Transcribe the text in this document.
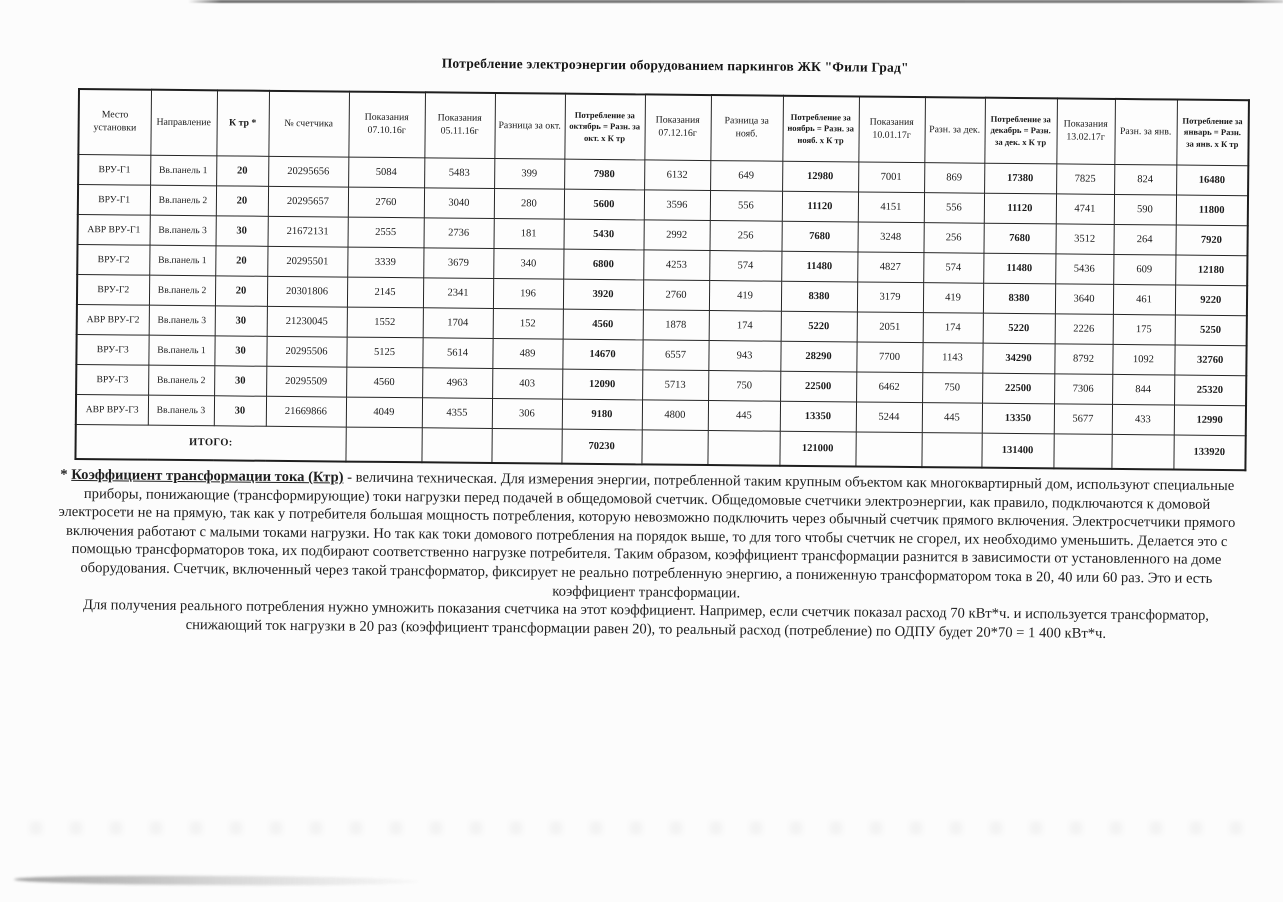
Потребление электроэнергии оборудованием паркингов ЖК "Фили Град"
Место установки	Направление	К тр *	№ счетчика	Показания 07.10.16г	Показания 05.11.16г	Разница за окт.	Потребление за октябрь = Разн. за окт. х К тр	Показания 07.12.16г	Разница за нояб.	Потребление за ноябрь = Разн. за нояб. х К тр	Показания 10.01.17г	Разн. за дек.	Потребление за декабрь = Разн. за дек. х К тр	Показания 13.02.17г	Разн. за янв.	Потребление за январь = Разн. за янв. х К тр
ВРУ-Г1	Вв.панель 1	20	20295656	5084	5483	399	7980	6132	649	12980	7001	869	17380	7825	824	16480
ВРУ-Г1	Вв.панель 2	20	20295657	2760	3040	280	5600	3596	556	11120	4151	556	11120	4741	590	11800
АВР ВРУ-Г1	Вв.панель 3	30	21672131	2555	2736	181	5430	2992	256	7680	3248	256	7680	3512	264	7920
ВРУ-Г2	Вв.панель 1	20	20295501	3339	3679	340	6800	4253	574	11480	4827	574	11480	5436	609	12180
ВРУ-Г2	Вв.панель 2	20	20301806	2145	2341	196	3920	2760	419	8380	3179	419	8380	3640	461	9220
АВР ВРУ-Г2	Вв.панель 3	30	21230045	1552	1704	152	4560	1878	174	5220	2051	174	5220	2226	175	5250
ВРУ-Г3	Вв.панель 1	30	20295506	5125	5614	489	14670	6557	943	28290	7700	1143	34290	8792	1092	32760
ВРУ-Г3	Вв.панель 2	30	20295509	4560	4963	403	12090	5713	750	22500	6462	750	22500	7306	844	25320
АВР ВРУ-Г3	Вв.панель 3	30	21669866	4049	4355	306	9180	4800	445	13350	5244	445	13350	5677	433	12990
ИТОГО:							70230			121000			131400			133920

* Коэффициент трансформации тока (Ктр) - величина техническая. Для измерения энергии, потребленной таким крупным объектом как многоквартирный дом, используют специальные приборы, понижающие (трансформирующие) токи нагрузки перед подачей в общедомовой счетчик. Общедомовые счетчики электроэнергии, как правило, подключаются к домовой электросети не на прямую, так как у потребителя большая мощность потребления, которую невозможно подключить через обычный счетчик прямого включения. Электросчетчики прямого включения работают с малыми токами нагрузки. Но так как токи домового потребления на порядок выше, то для того чтобы счетчик не сгорел, их необходимо уменьшить. Делается это с помощью трансформаторов тока, их подбирают соответственно нагрузке потребителя. Таким образом, коэффициент трансформации разнится в зависимости от установленного на доме оборудования. Счетчик, включенный через такой трансформатор, фиксирует не реально потребленную энергию, а пониженную трансформатором тока в 20, 40 или 60 раз. Это и есть коэффициент трансформации.

Для получения реального потребления нужно умножить показания счетчика на этот коэффициент. Например, если счетчик показал расход 70 кВт*ч. и используется трансформатор, снижающий ток нагрузки в 20 раз (коэффициент трансформации равен 20), то реальный расход (потребление) по ОДПУ будет 20*70 = 1 400 кВт*ч.
